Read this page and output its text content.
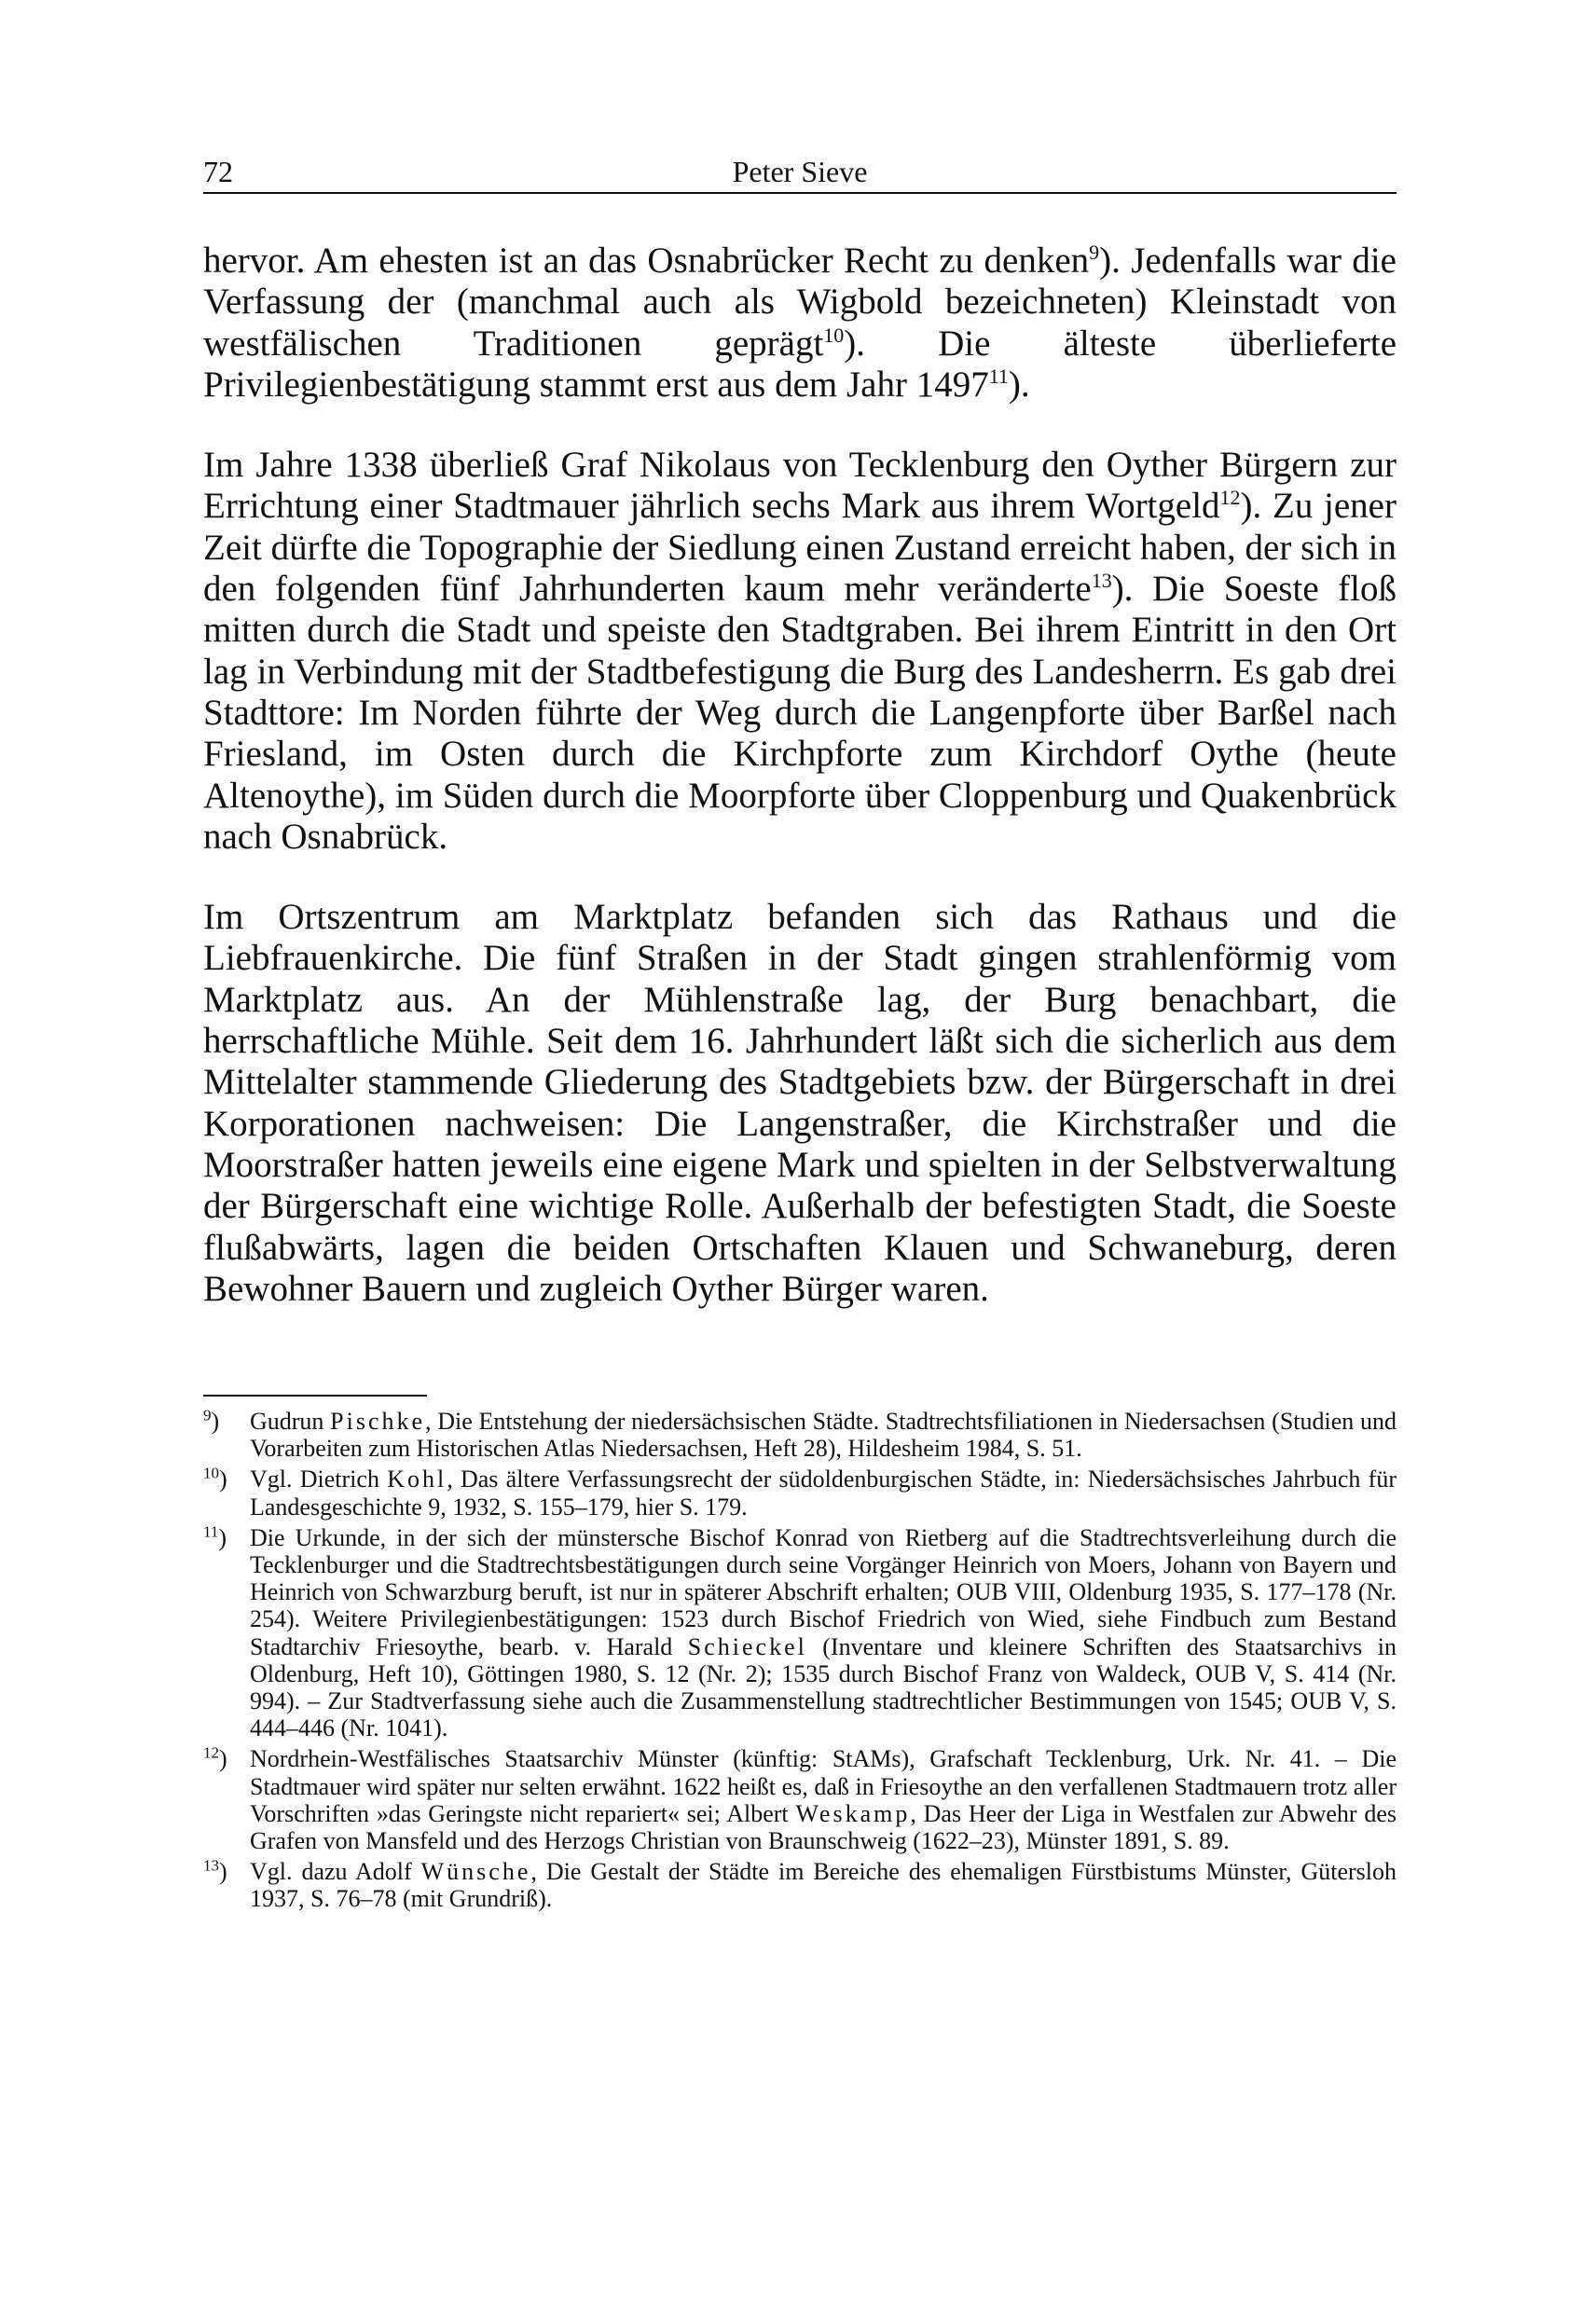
72	Peter Sieve

hervor. Am ehesten ist an das Osnabrücker Recht zu denken$^9$). Jedenfalls war die Verfassung der (manchmal auch als Wigbold bezeichneten) Kleinstadt von westfälischen Traditionen geprägt$^{10}$). Die älteste überlieferte Privilegienbestätigung stammt erst aus dem Jahr 1497$^{11}$).

Im Jahre 1338 überließ Graf Nikolaus von Tecklenburg den Oyther Bürgern zur Errichtung einer Stadtmauer jährlich sechs Mark aus ihrem Wortgeld$^{12}$). Zu jener Zeit dürfte die Topographie der Siedlung einen Zustand erreicht haben, der sich in den folgenden fünf Jahrhunderten kaum mehr veränderte$^{13}$). Die Soeste floß mitten durch die Stadt und speiste den Stadtgraben. Bei ihrem Eintritt in den Ort lag in Verbindung mit der Stadtbefestigung die Burg des Landesherrn. Es gab drei Stadttore: Im Norden führte der Weg durch die Langenpforte über Barßel nach Friesland, im Osten durch die Kirchpforte zum Kirchdorf Oythe (heute Altenoythe), im Süden durch die Moorpforte über Cloppenburg und Quakenbrück nach Osnabrück.

Im Ortszentrum am Marktplatz befanden sich das Rathaus und die Liebfrauenkirche. Die fünf Straßen in der Stadt gingen strahlenförmig vom Marktplatz aus. An der Mühlenstraße lag, der Burg benachbart, die herrschaftliche Mühle. Seit dem 16. Jahrhundert läßt sich die sicherlich aus dem Mittelalter stammende Gliederung des Stadtgebiets bzw. der Bürgerschaft in drei Korporationen nachweisen: Die Langenstraßer, die Kirchstraßer und die Moorstraßer hatten jeweils eine eigene Mark und spielten in der Selbstverwaltung der Bürgerschaft eine wichtige Rolle. Außerhalb der befestigten Stadt, die Soeste flußabwärts, lagen die beiden Ortschaften Klauen und Schwaneburg, deren Bewohner Bauern und zugleich Oyther Bürger waren.

$^9$) Gudrun Pischke, Die Entstehung der niedersächsischen Städte. Stadtrechtsfiliationen in Niedersachsen (Studien und Vorarbeiten zum Historischen Atlas Niedersachsen, Heft 28), Hildesheim 1984, S. 51.
$^{10}$) Vgl. Dietrich Kohl, Das ältere Verfassungsrecht der südoldenburgischen Städte, in: Niedersächsisches Jahrbuch für Landesgeschichte 9, 1932, S. 155–179, hier S. 179.
$^{11}$) Die Urkunde, in der sich der münstersche Bischof Konrad von Rietberg auf die Stadtrechtsverleihung durch die Tecklenburger und die Stadtrechtsbestätigungen durch seine Vorgänger Heinrich von Moers, Johann von Bayern und Heinrich von Schwarzburg beruft, ist nur in späterer Abschrift erhalten; OUB VIII, Oldenburg 1935, S. 177–178 (Nr. 254). Weitere Privilegienbestätigungen: 1523 durch Bischof Friedrich von Wied, siehe Findbuch zum Bestand Stadtarchiv Friesoythe, bearb. v. Harald Schieckel (Inventare und kleinere Schriften des Staatsarchivs in Oldenburg, Heft 10), Göttingen 1980, S. 12 (Nr. 2); 1535 durch Bischof Franz von Waldeck, OUB V, S. 414 (Nr. 994). – Zur Stadtverfassung siehe auch die Zusammenstellung stadtrechtlicher Bestimmungen von 1545; OUB V, S. 444–446 (Nr. 1041).
$^{12}$) Nordrhein-Westfälisches Staatsarchiv Münster (künftig: StAMs), Grafschaft Tecklenburg, Urk. Nr. 41. – Die Stadtmauer wird später nur selten erwähnt. 1622 heißt es, daß in Friesoythe an den verfallenen Stadtmauern trotz aller Vorschriften »das Geringste nicht repariert« sei; Albert Weskamp, Das Heer der Liga in Westfalen zur Abwehr des Grafen von Mansfeld und des Herzogs Christian von Braunschweig (1622–23), Münster 1891, S. 89.
$^{13}$) Vgl. dazu Adolf Wünsche, Die Gestalt der Städte im Bereiche des ehemaligen Fürstbistums Münster, Gütersloh 1937, S. 76–78 (mit Grundriß).
